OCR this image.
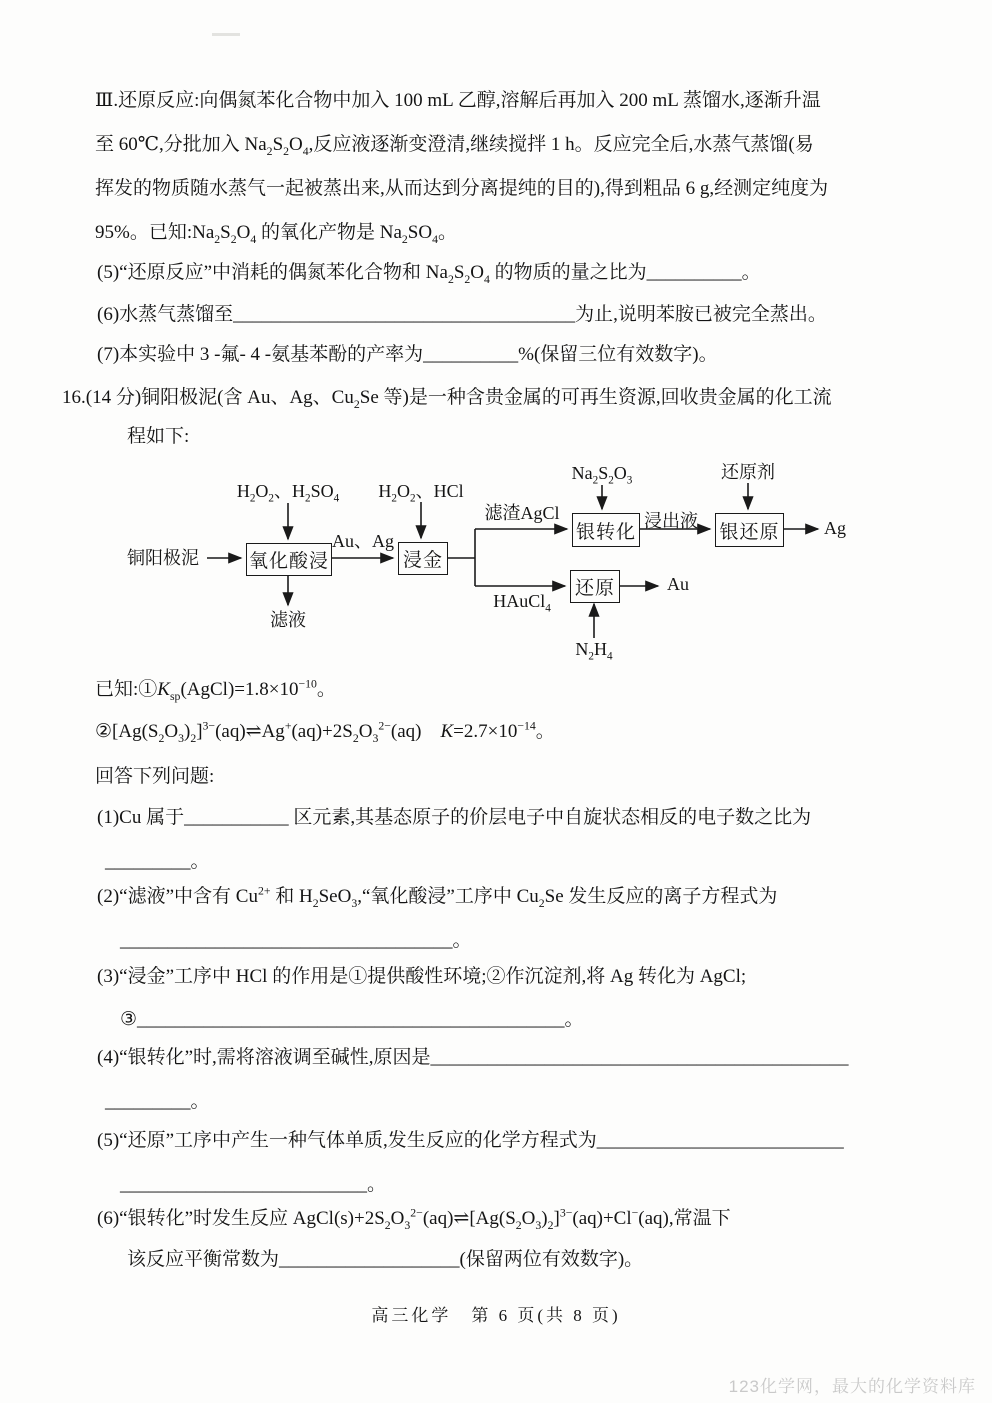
Ⅲ.还原反应:向偶氮苯化合物中加入 100 mL 乙醇,溶解后再加入 200 mL 蒸馏水,逐渐升温
至 60℃,分批加入 $Na_2S_2O_4$,反应液逐渐变澄清,继续搅拌 1 h。反应完全后,水蒸气蒸馏(易
挥发的物质随水蒸气一起被蒸出来,从而达到分离提纯的目的),得到粗品 6 g,经测定纯度为
95%。已知$:Na_2S_2O_4$ 的氧化产物是 $Na_2SO_4$。
(5)“还原反应”中消耗的偶氮苯化合物和 $Na_2S_2O_4$ 的物质的量之比为__________。
(6)水蒸气蒸馏至____________________________________为止,说明苯胺已被完全蒸出。
(7)本实验中 3 -氟- 4 -氨基苯酚的产率为__________%(保留三位有效数字)。
16.(14 分)铜阳极泥(含 Au、Ag、$Cu_2Se$ 等)是一种含贵金属的可再生资源,回收贵金属的化工流
程如下:
氧化酸浸	浸金
银转化	银还原
还原
铜阳极泥
$H_2O_2$、$H_2SO_4$ $H_2O_2$、HCl
Au、Ag
滤渣AgCl
$Na_2S_2O_3$
浸出液
还原剂
Ag
HAuCl$_4$
Au
$N_2H_4$
滤液
已知$:①K_{sp}(AgCl)=1.8\times 10^{-10}$。
$②[Ag(S_2O_3)_2]^{3-}(aq)\rightleftharpoons Ag^+(aq)+2S_2O_3^{2-}(aq)$　$K=2.7\times 10^{-14}$。
回答下列问题:
(1)Cu 属于___________ 区元素,其基态原子的价层电子中自旋状态相反的电子数之比为
_________。
(2)“滤液”中含有 $Cu^{2+}$ 和 $H_2SeO_3,“$氧化酸浸”工序中 $Cu_2Se$ 发生反应的离子方程式为
___________________________________。
(3)“浸金”工序中 HCl 的作用是①提供酸性环境;②作沉淀剂,将 Ag 转化为 AgCl;
③_____________________________________________。
(4)“银转化”时,需将溶液调至碱性,原因是____________________________________________
_________。
(5)“还原”工序中产生一种气体单质,发生反应的化学方程式为__________________________
__________________________。
(6)“银转化”时发生反应 $AgCl(s)+2S_2O_3^{2-}(aq)\rightleftharpoons[Ag(S_2O_3)_2]^{3-}(aq)+Cl^-(aq)$,常温下
该反应平衡常数为___________________(保留两位有效数字)。
高三化学　第 6 页(共 8 页)
123化学网，最大的化学资料库
